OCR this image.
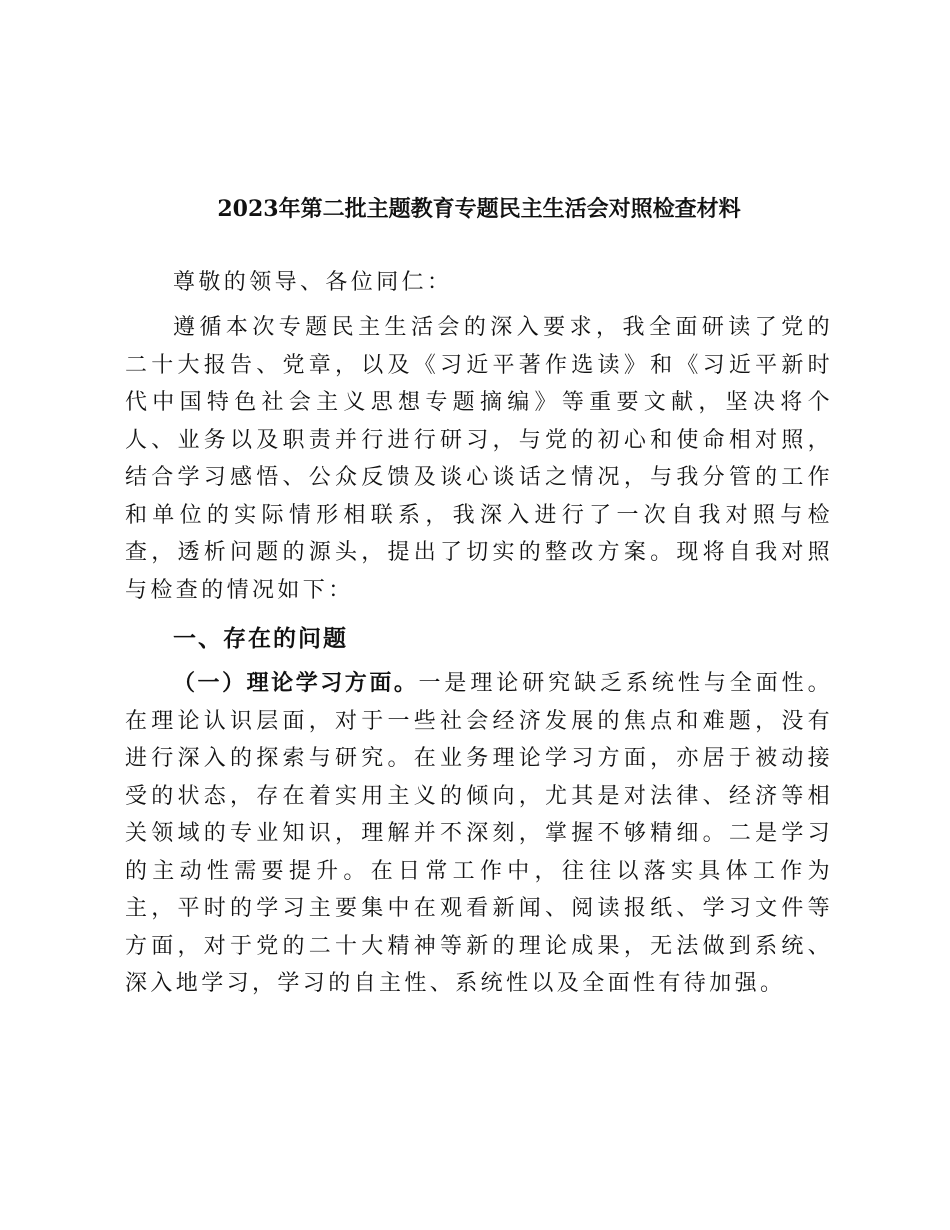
2023年第二批主题教育专题民主生活会对照检查材料

尊敬的领导、各位同仁：

遵循本次专题民主生活会的深入要求，我全面研读了党的二十大报告、党章，以及《习近平著作选读》和《习近平新时代中国特色社会主义思想专题摘编》等重要文献，坚决将个人、业务以及职责并行进行研习，与党的初心和使命相对照，结合学习感悟、公众反馈及谈心谈话之情况，与我分管的工作和单位的实际情形相联系，我深入进行了一次自我对照与检查，透析问题的源头，提出了切实的整改方案。现将自我对照与检查的情况如下：

一、存在的问题

（一）理论学习方面。一是理论研究缺乏系统性与全面性。在理论认识层面，对于一些社会经济发展的焦点和难题，没有进行深入的探索与研究。在业务理论学习方面，亦居于被动接受的状态，存在着实用主义的倾向，尤其是对法律、经济等相关领域的专业知识，理解并不深刻，掌握不够精细。二是学习的主动性需要提升。在日常工作中，往往以落实具体工作为主，平时的学习主要集中在观看新闻、阅读报纸、学习文件等方面，对于党的二十大精神等新的理论成果，无法做到系统、深入地学习，学习的自主性、系统性以及全面性有待加强。
